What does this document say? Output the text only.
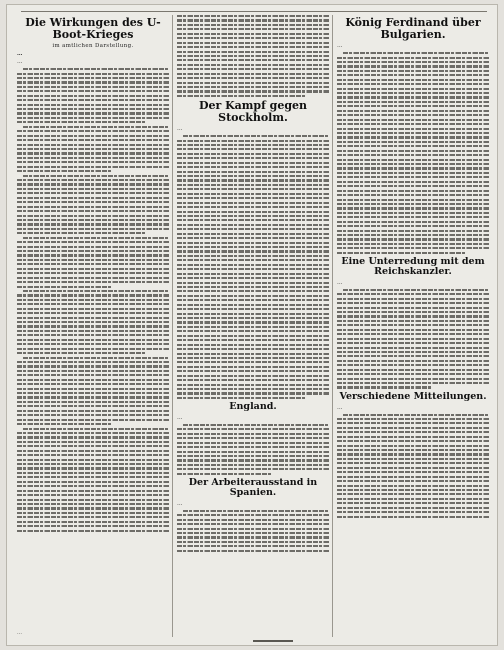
Die Wirkungen des U-Boot-Krieges
im amtlichen Darstellung.
…
…
Der Kampf gegen Stockholm.
…
England.
…
Der Arbeiterausstand in Spanien.
…
König Ferdinand über Bulgarien.
…
Eine Unterredung mit dem Reichskanzler.
…
Verschiedene Mitteilungen.
…
…
